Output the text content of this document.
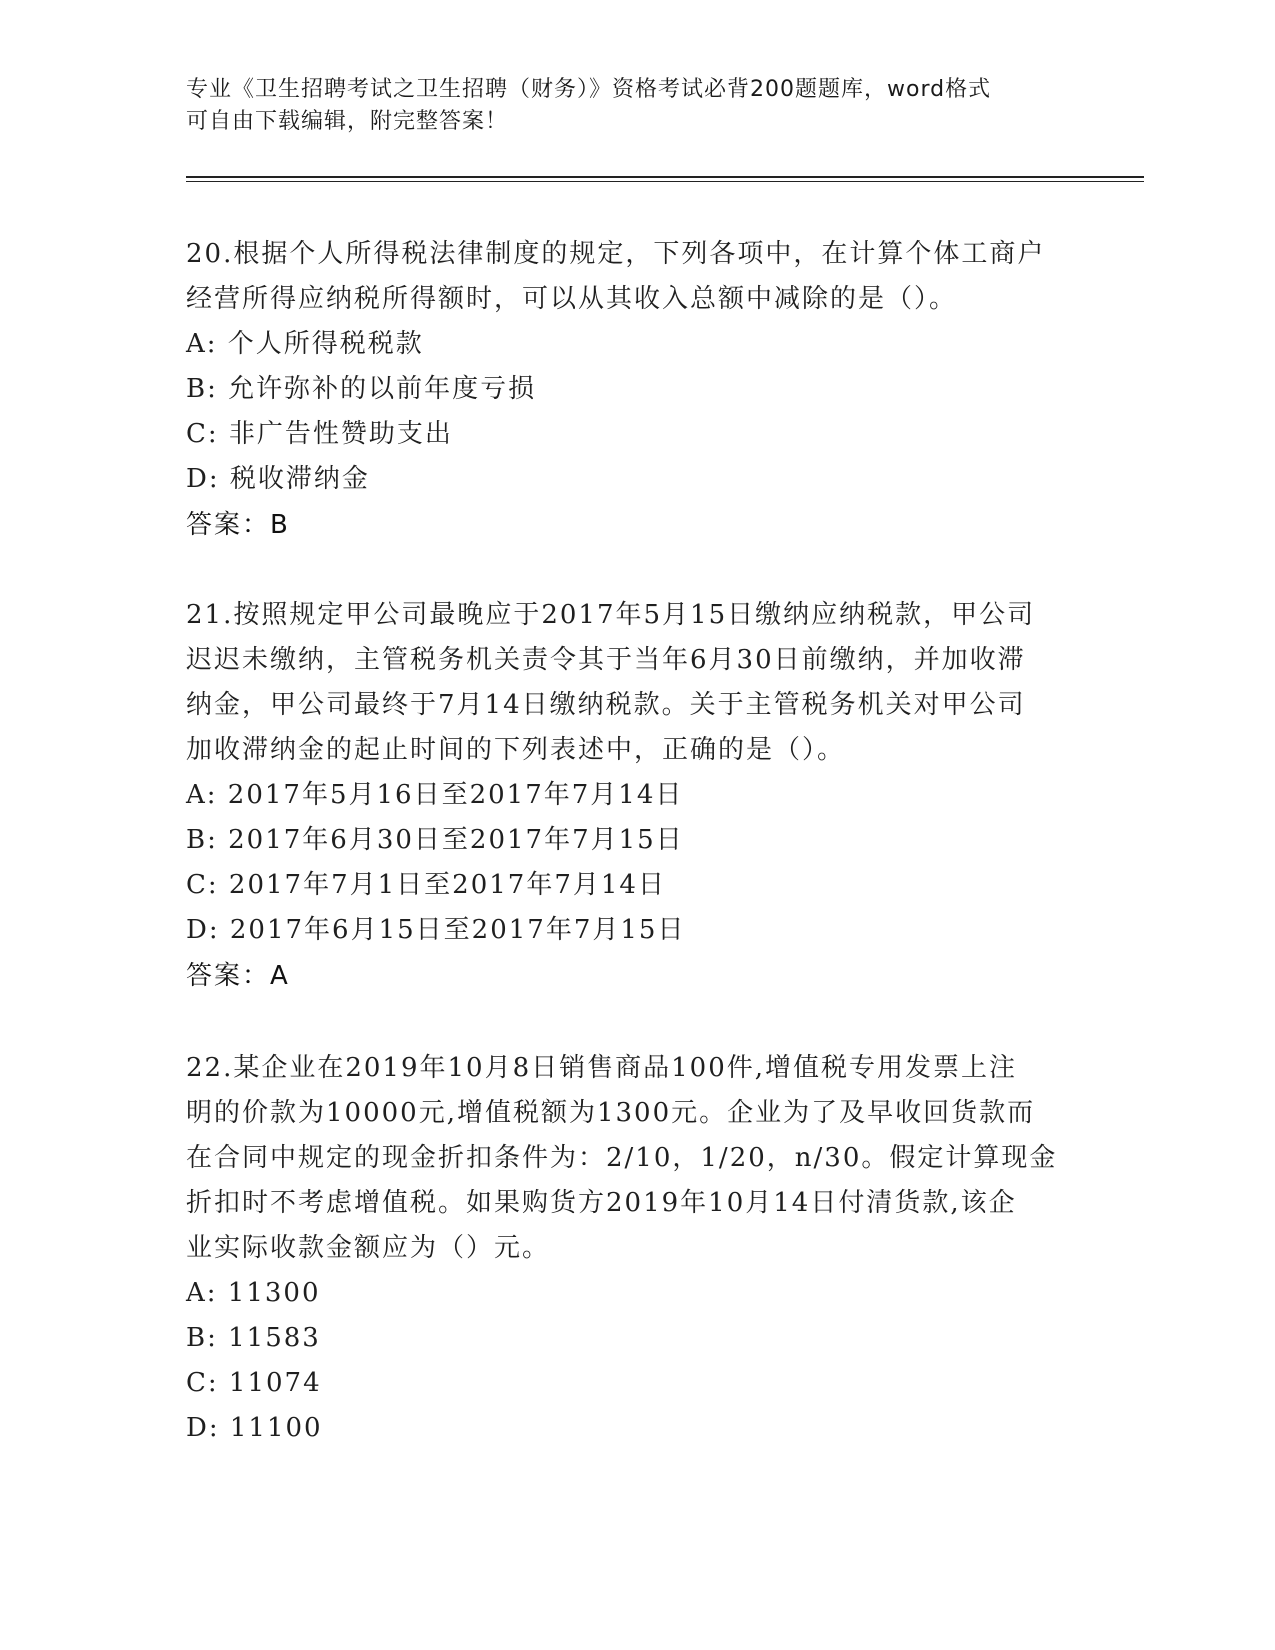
专业《卫生招聘考试之卫生招聘（财务）》资格考试必背200题题库，word格式
可自由下载编辑，附完整答案！
20.根据个人所得税法律制度的规定，下列各项中，在计算个体工商户
经营所得应纳税所得额时，可以从其收入总额中减除的是（）。
A: 个人所得税税款
B: 允许弥补的以前年度亏损
C: 非广告性赞助支出
D: 税收滞纳金
答案：B
21.按照规定甲公司最晚应于2017年5月15日缴纳应纳税款，甲公司
迟迟未缴纳，主管税务机关责令其于当年6月30日前缴纳，并加收滞
纳金，甲公司最终于7月14日缴纳税款。关于主管税务机关对甲公司
加收滞纳金的起止时间的下列表述中，正确的是（）。
A: 2017年5月16日至2017年7月14日
B: 2017年6月30日至2017年7月15日
C: 2017年7月1日至2017年7月14日
D: 2017年6月15日至2017年7月15日
答案：A
22.某企业在2019年10月8日销售商品100件,增值税专用发票上注
明的价款为10000元,增值税额为1300元。企业为了及早收回货款而
在合同中规定的现金折扣条件为：2/10，1/20，n/30。假定计算现金
折扣时不考虑增值税。如果购货方2019年10月14日付清货款,该企
业实际收款金额应为（）元。
A: 11300
B: 11583
C: 11074
D: 11100
